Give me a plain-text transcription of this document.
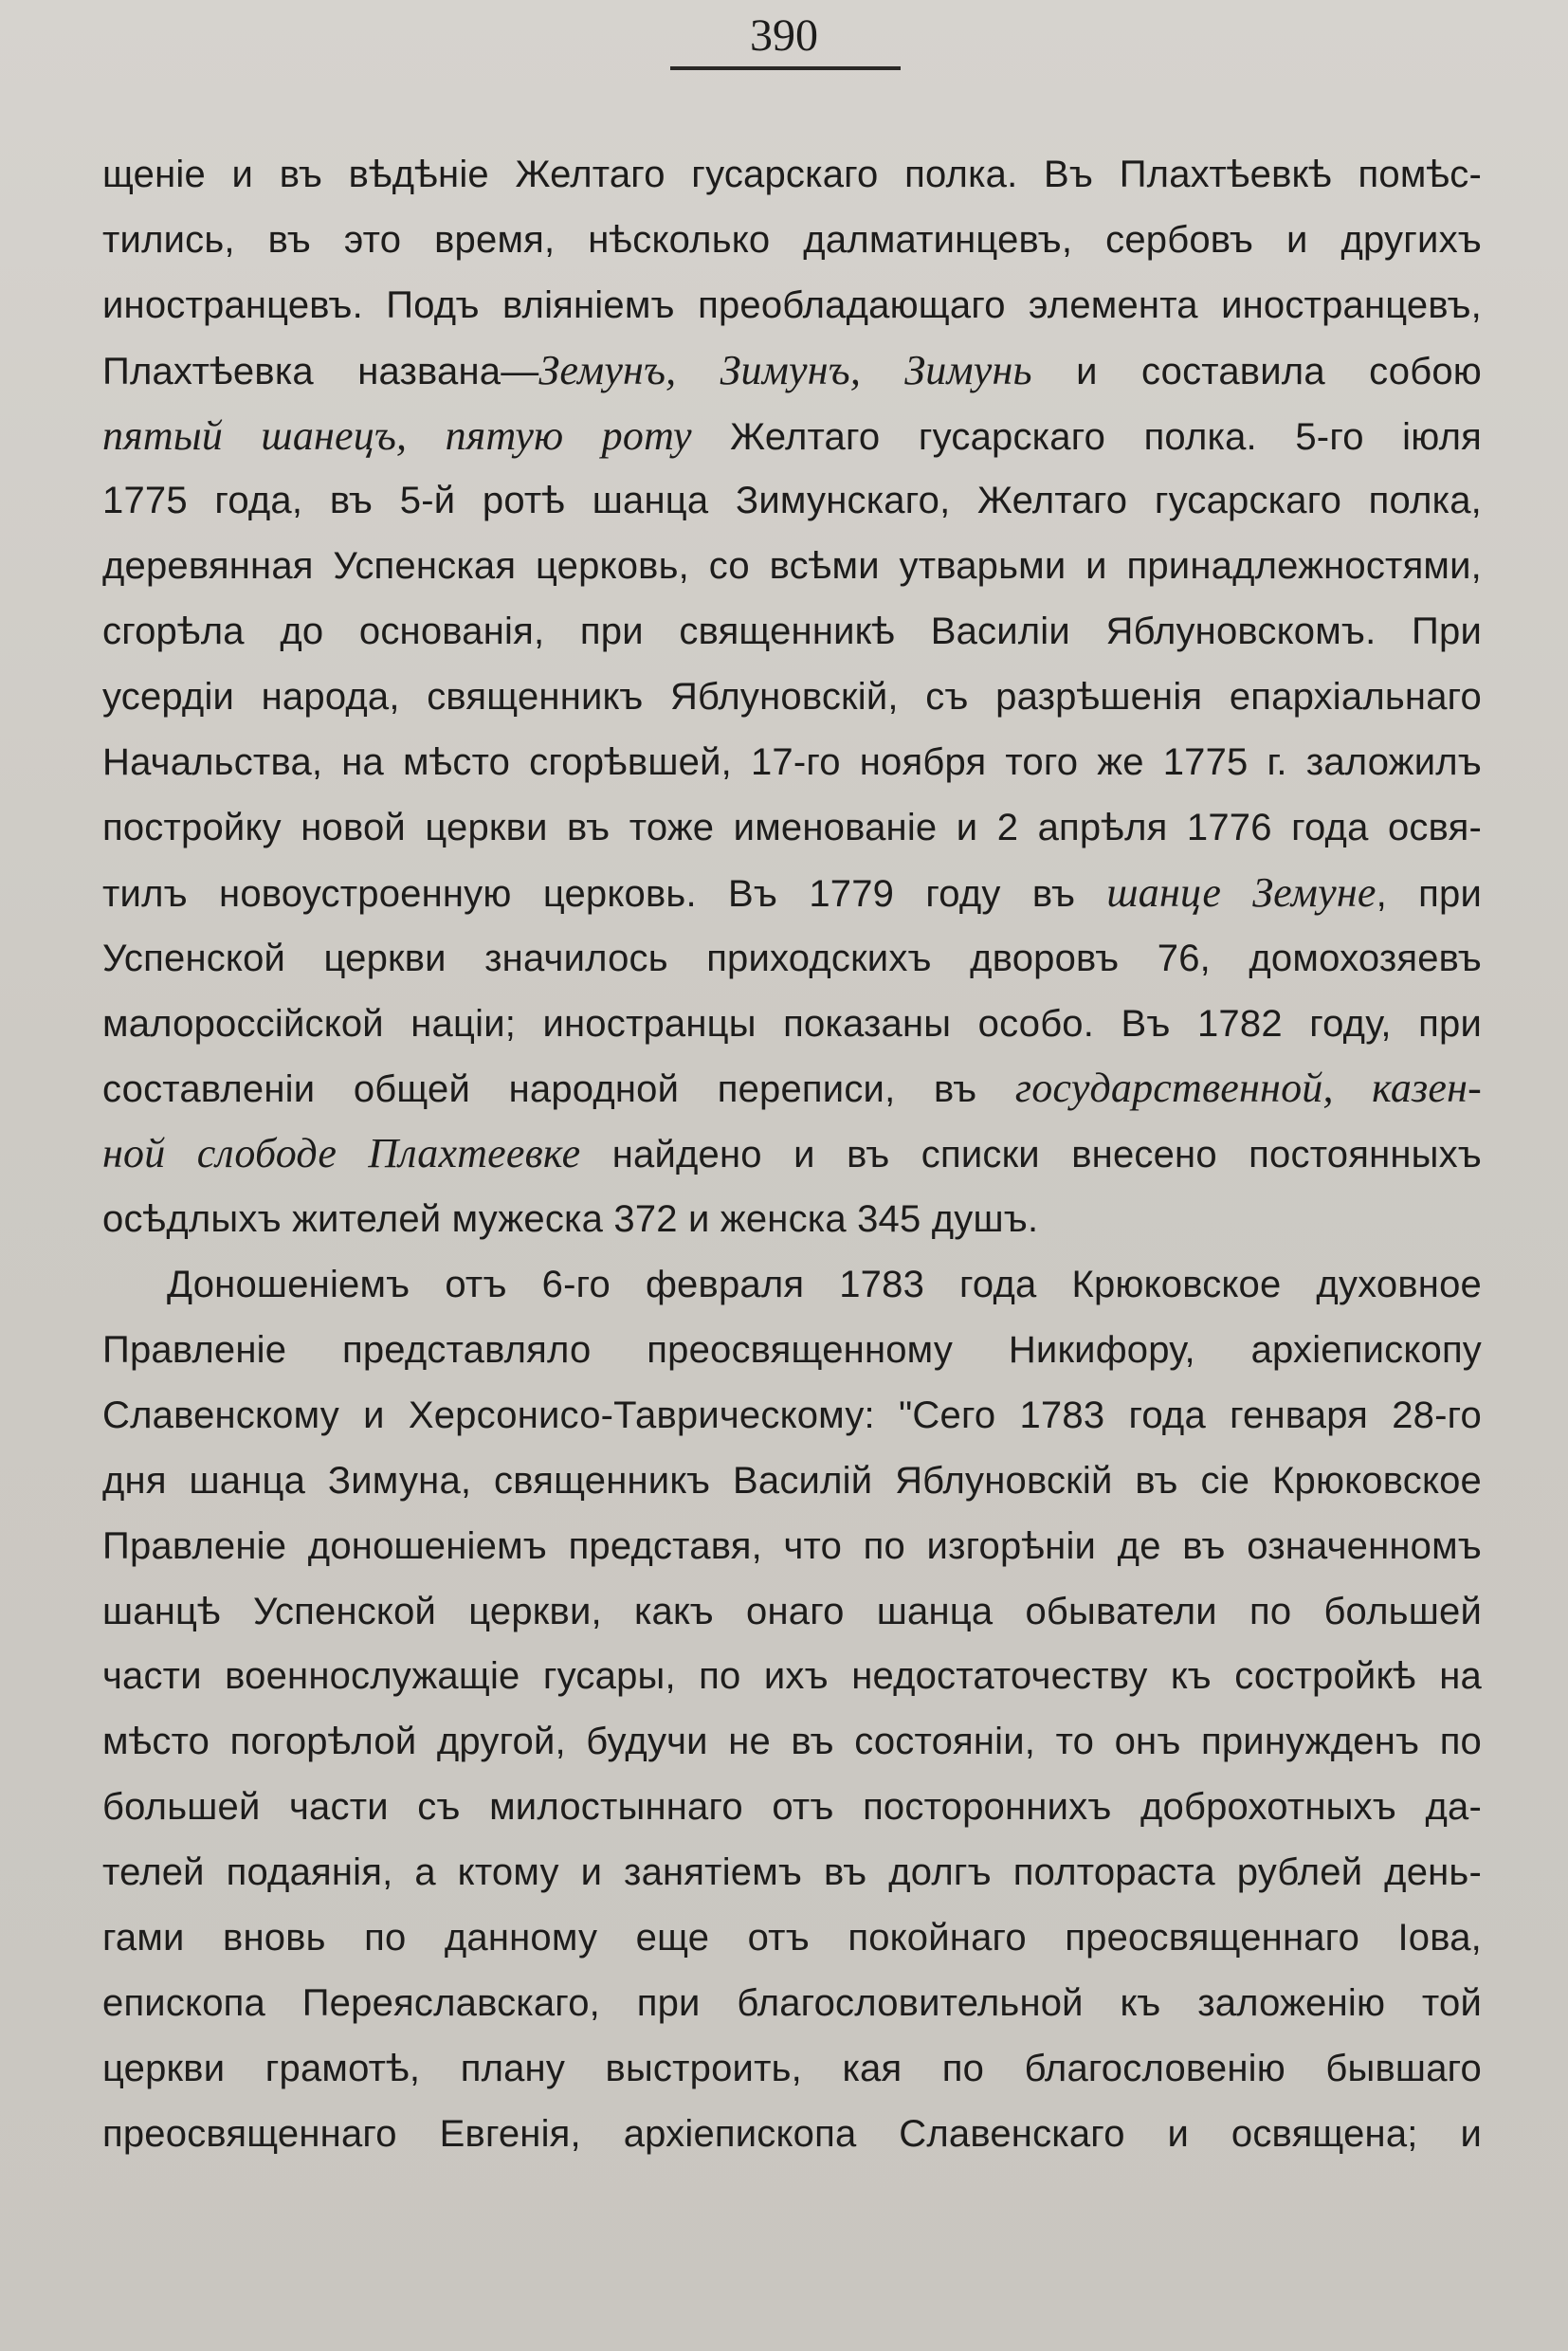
390
щеніе и въ вѣдѣніе Желтаго гусарскаго полка. Въ Плахтѣевкѣ помѣс-
тились, въ это время, нѣсколько далматинцевъ, сербовъ и другихъ
иностранцевъ. Подъ вліяніемъ преобладающаго элемента иностранцевъ,
Плахтѣевка названа—Земунъ, Зимунъ, Зимунь и составила собою
пятый шанецъ, пятую роту Желтаго гусарскаго полка. 5-го іюля
1775 года, въ 5-й ротѣ шанца Зимунскаго, Желтаго гусарскаго полка,
деревянная Успенская церковь, со всѣми утварьми и принадлежностями,
сгорѣла до основанія, при священникѣ Василіи Яблуновскомъ. При
усердіи народа, священникъ Яблуновскій, съ разрѣшенія епархіальнаго
Начальства, на мѣсто сгорѣвшей, 17-го ноября того же 1775 г. заложилъ
постройку новой церкви въ тоже именованіе и 2 апрѣля 1776 года освя-
тилъ новоустроенную церковь. Въ 1779 году въ шанце Земуне, при
Успенской церкви значилось приходскихъ дворовъ 76, домохозяевъ
малороссійской націи; иностранцы показаны особо. Въ 1782 году, при
составленіи общей народной переписи, въ государственной, казен-
ной слободе Плахтеевке найдено и въ списки внесено постоянныхъ
осѣдлыхъ жителей мужеска 372 и женска 345 душъ.
Доношеніемъ отъ 6-го февраля 1783 года Крюковское духовное
Правленіе представляло преосвященному Никифору, архіепископу
Славенскому и Херсонисо-Таврическому: "Сего 1783 года генваря 28-го
дня шанца Зимуна, священникъ Василій Яблуновскій въ сіе Крюковское
Правленіе доношеніемъ представя, что по изгорѣніи де въ означенномъ
шанцѣ Успенской церкви, какъ онаго шанца обыватели по большей
части военнослужащіе гусары, по ихъ недостаточеству къ сострoйкѣ на
мѣсто погорѣлой другой, будучи не въ состояніи, то онъ принужденъ по
большей части съ милостыннаго отъ постороннихъ доброхотныхъ да-
телей подаянія, а ктому и занятіемъ въ долгъ полтораста рублей день-
гами вновь по данному еще отъ покойнаго преосвященнаго Іова,
епископа Переяславскаго, при благословительной къ заложенію той
церкви грамотѣ, плану выстроить, кая по благословенію бывшаго
преосвященнаго Евгенія, архіепископа Славенскаго и освящена; и
